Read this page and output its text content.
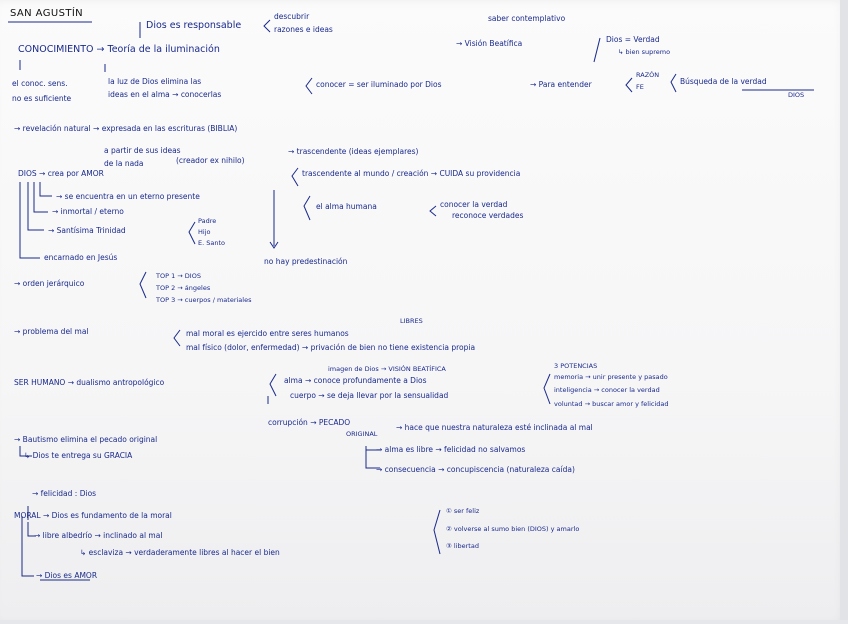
SAN AGUSTÍN
Dios es responsable
descubrir
razones e ideas
CONOCIMIENTO → Teoría de la iluminación
saber contemplativo
→ Visión Beatífica	Dios = Verdad
↳ bien supremo
el conoc. sens.
no es suficiente
la luz de Dios elimina las
ideas en el alma → conocerlas
conocer = ser iluminado por Dios	→ Para entender
RAZÓN
FE
Búsqueda de la verdad
DIOS
→ revelación natural → expresada en las escrituras (BIBLIA)
a partir de sus ideas
de la nada	(creador ex nihilo)
→ trascendente (ideas ejemplares)
DIOS → crea por AMOR	trascendente al mundo / creación → CUIDA su providencia
→ se encuentra en un eterno presente
→ inmortal / eterno
el alma humana	conocer la verdad
reconoce verdades
→ Santísima Trinidad
Padre
Hijo
E. Santo
encarnado en Jesús	no hay predestinación
→ orden jerárquico
TOP 1 → DIOS
TOP 2 → ángeles
TOP 3 → cuerpos / materiales
LIBRES
→ problema del mal	mal moral es ejercido entre seres humanos
mal físico (dolor, enfermedad) → privación de bien no tiene existencia propia
SER HUMANO → dualismo antropológico
imagen de Dios → VISIÓN BEATÍFICA	3 POTENCIAS
alma → conoce profundamente a Dios	memoria → unir presente y pasado
inteligencia → conocer la verdad
cuerpo → se deja llevar por la sensualidad
voluntad → buscar amor y felicidad
corrupción → PECADO
ORIGINAL
→ hace que nuestra naturaleza esté inclinada al mal
→ Bautismo elimina el pecado original
↳ Dios te entrega su GRACIA
→ alma es libre → felicidad no salvamos
→ consecuencia → concupiscencia (naturaleza caída)
→ felicidad : Dios
MORAL → Dios es fundamento de la moral	① ser feliz
② volverse al sumo bien (DIOS) y amarlo
③ libertad
→ libre albedrío → inclinado al mal
↳ esclaviza → verdaderamente libres al hacer el bien
→ Dios es AMOR
